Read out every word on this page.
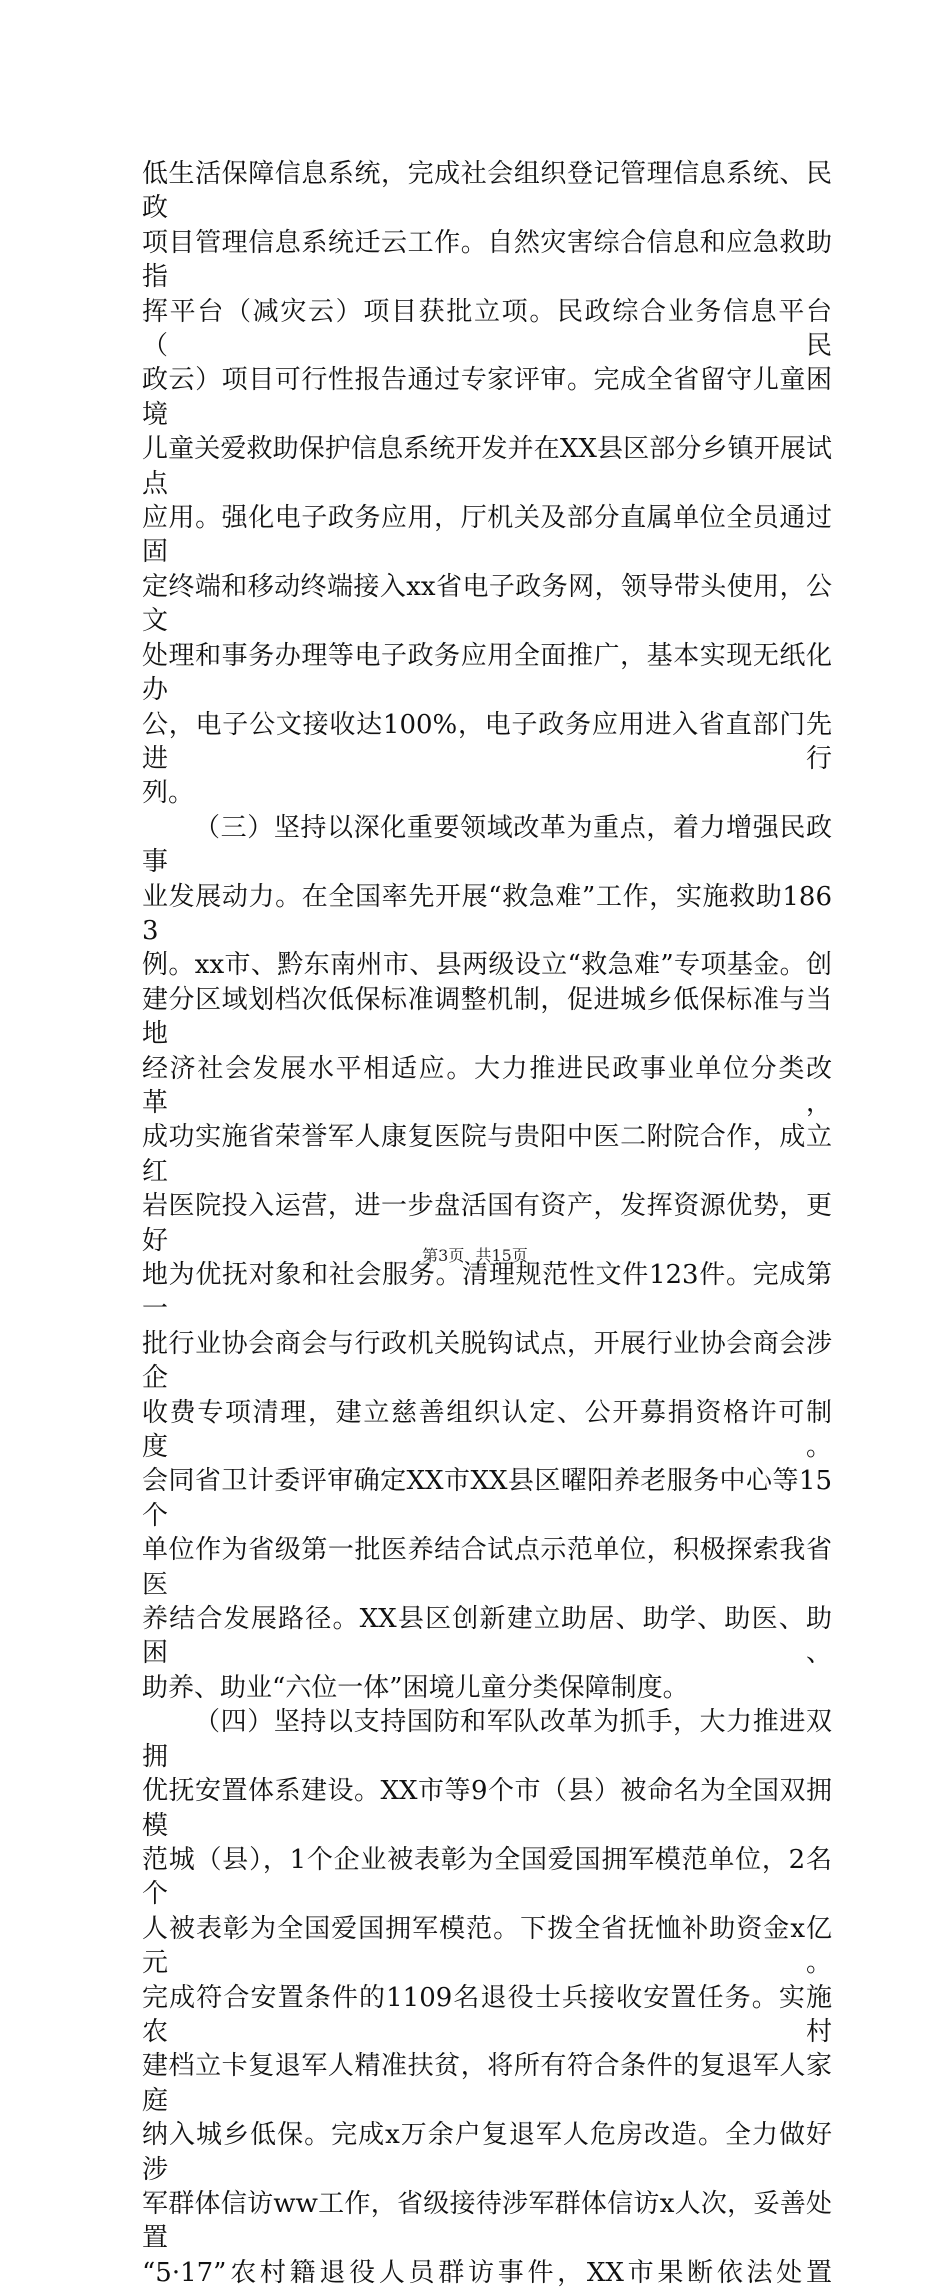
低生活保障信息系统，完成社会组织登记管理信息系统、民政

项目管理信息系统迁云工作。自然灾害综合信息和应急救助指

挥平台（减灾云）项目获批立项。民政综合业务信息平台（民

政云）项目可行性报告通过专家评审。完成全省留守儿童困境

儿童关爱救助保护信息系统开发并在XX县区部分乡镇开展试点

应用。强化电子政务应用，厅机关及部分直属单位全员通过固

定终端和移动终端接入xx省电子政务网，领导带头使用，公文

处理和事务办理等电子政务应用全面推广，基本实现无纸化办

公，电子公文接收达100%，电子政务应用进入省直部门先进行

列。

（三）坚持以深化重要领域改革为重点，着力增强民政事

业发展动力。在全国率先开展“救急难”工作，实施救助1863

例。xx市、黔东南州市、县两级设立“救急难”专项基金。创

建分区域划档次低保标准调整机制，促进城乡低保标准与当地

经济社会发展水平相适应。大力推进民政事业单位分类改革，

成功实施省荣誉军人康复医院与贵阳中医二附院合作，成立红

岩医院投入运营，进一步盘活国有资产，发挥资源优势，更好

地为优抚对象和社会服务。清理规范性文件123件。完成第一

批行业协会商会与行政机关脱钩试点，开展行业协会商会涉企

收费专项清理，建立慈善组织认定、公开募捐资格许可制度。

会同省卫计委评审确定XX市XX县区曜阳养老服务中心等15个

单位作为省级第一批医养结合试点示范单位，积极探索我省医

养结合发展路径。XX县区创新建立助居、助学、助医、助困、

助养、助业“六位一体”困境儿童分类保障制度。

（四）坚持以支持国防和军队改革为抓手，大力推进双拥

优抚安置体系建设。XX市等9个市（县）被命名为全国双拥模

范城（县），1个企业被表彰为全国爱国拥军模范单位，2名个

人被表彰为全国爱国拥军模范。下拨全省抚恤补助资金x亿元。

完成符合安置条件的1109名退役士兵接收安置任务。实施农村

建档立卡复退军人精准扶贫，将所有符合条件的复退军人家庭

纳入城乡低保。完成x万余户复退军人危房改造。全力做好涉

军群体信访ww工作，省级接待涉军群体信访x人次，妥善处置

“5·17”农村籍退役人员群访事件，XX市果断依法处置

第3页 共15页
